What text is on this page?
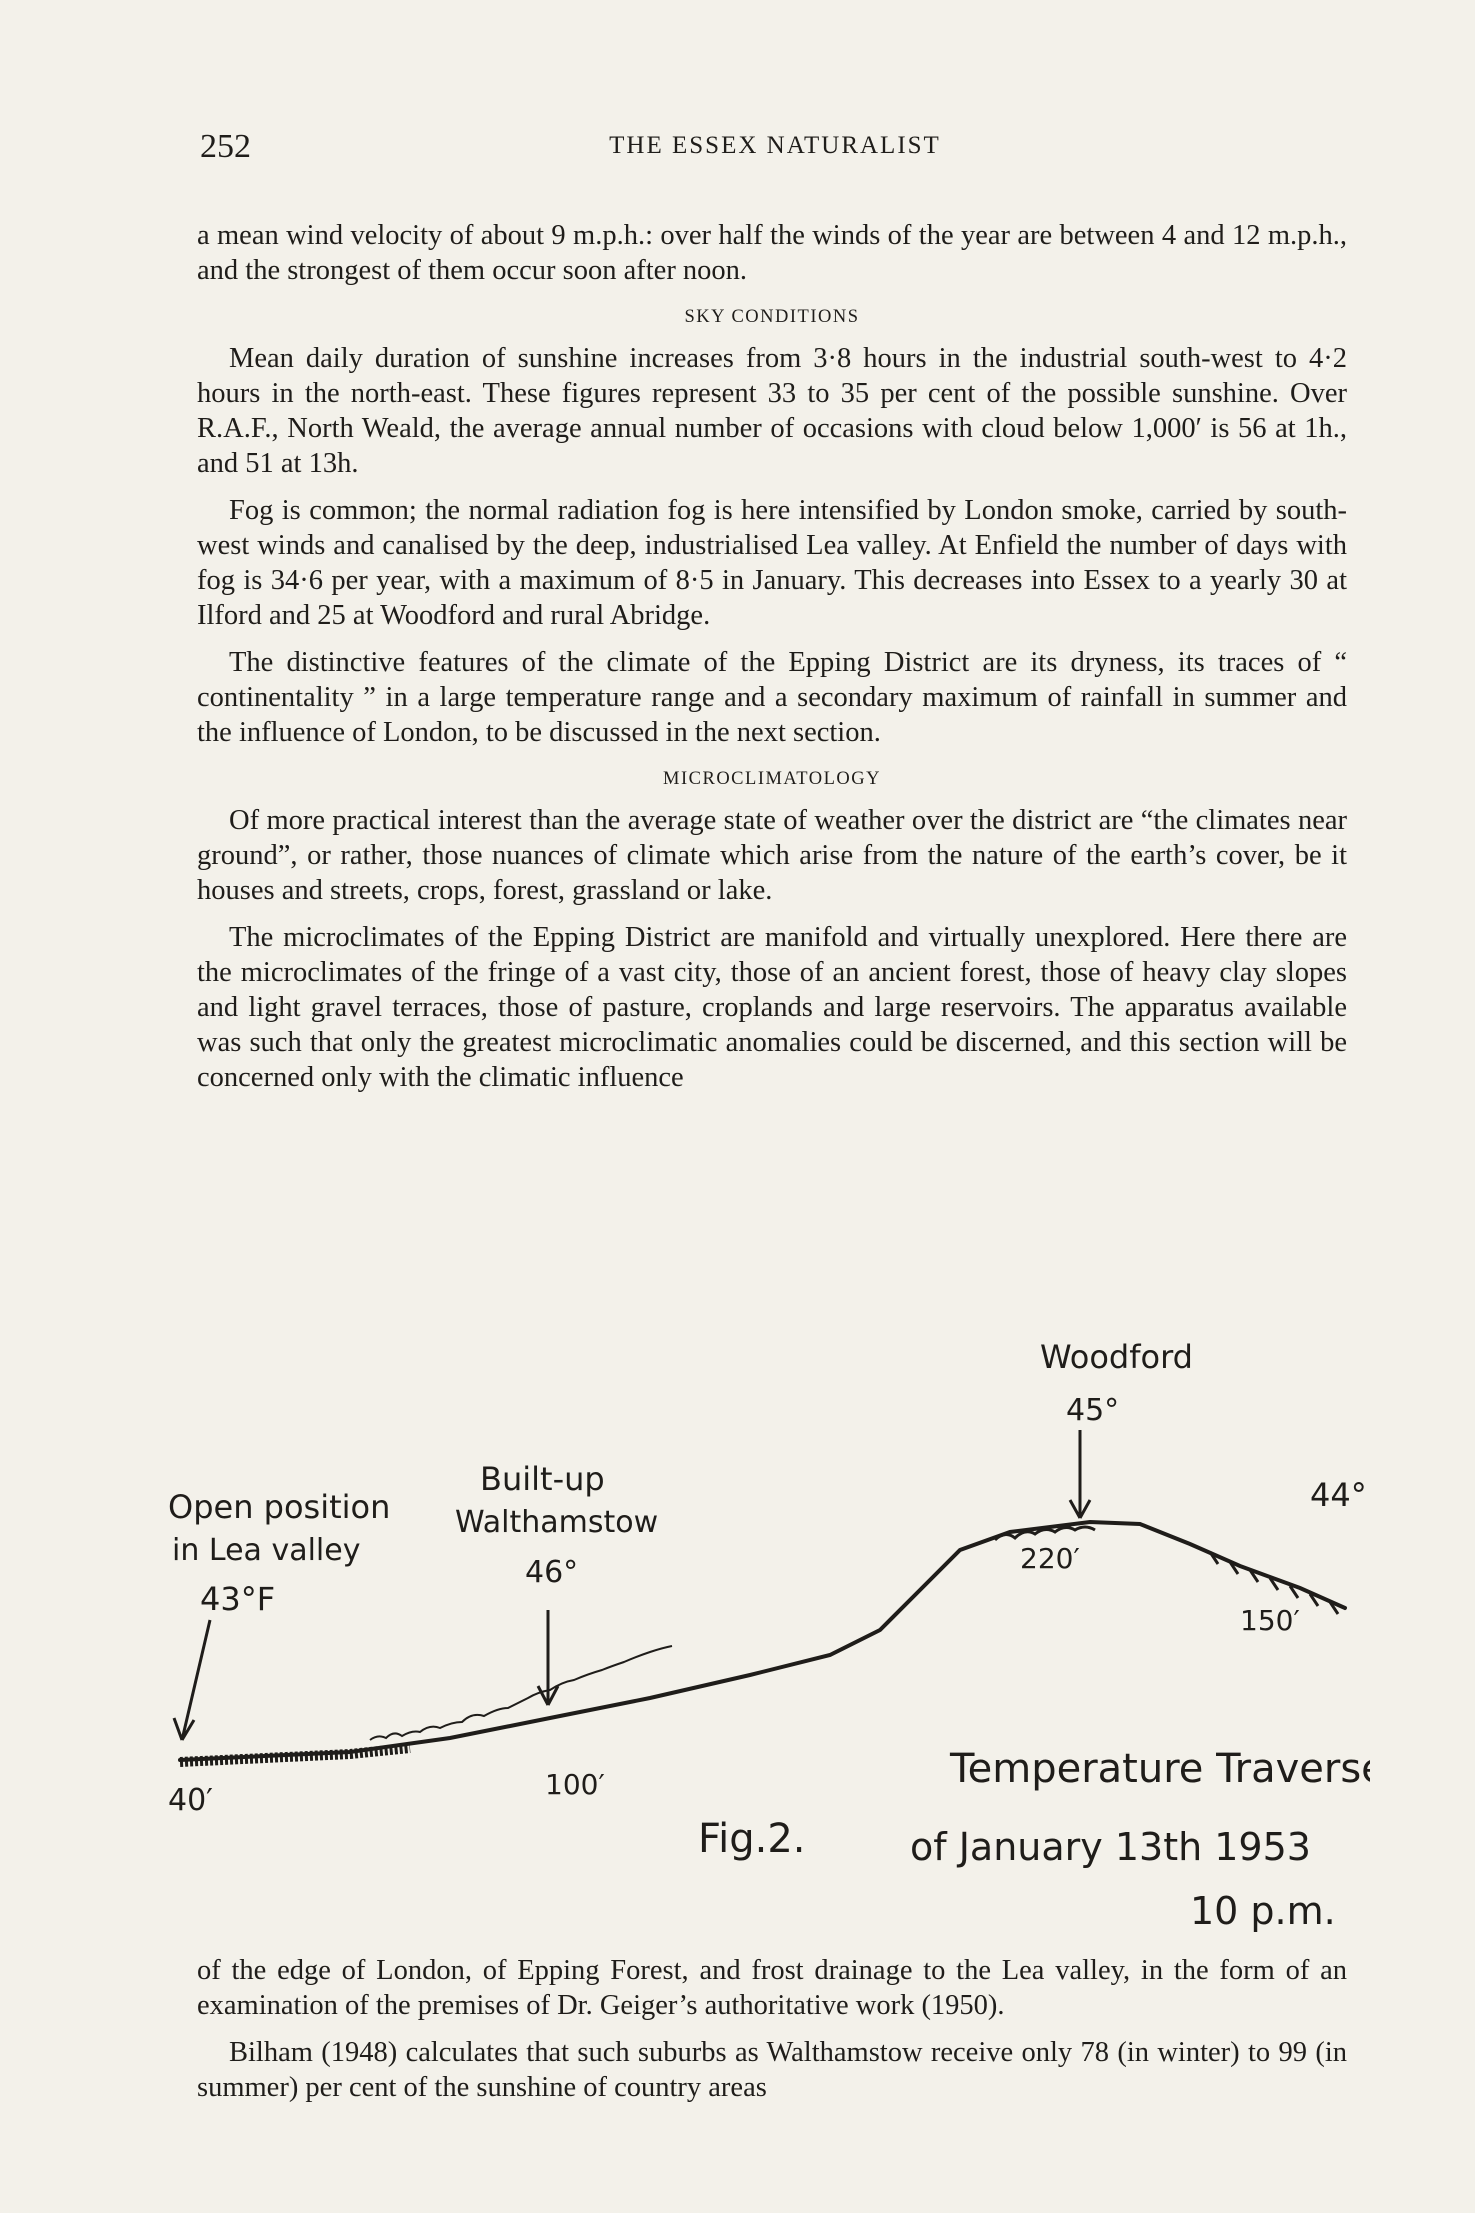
252	THE ESSEX NATURALIST

a mean wind velocity of about 9 m.p.h.: over half the winds of the year are between 4 and 12 m.p.h., and the strongest of them occur soon after noon.

SKY CONDITIONS

Mean daily duration of sunshine increases from 3·8 hours in the industrial south-west to 4·2 hours in the north-east. These figures represent 33 to 35 per cent of the possible sunshine. Over R.A.F., North Weald, the average annual number of occasions with cloud below 1,000′ is 56 at 1h., and 51 at 13h.

Fog is common; the normal radiation fog is here intensified by London smoke, carried by south-west winds and canalised by the deep, industrialised Lea valley. At Enfield the number of days with fog is 34·6 per year, with a maximum of 8·5 in January. This decreases into Essex to a yearly 30 at Ilford and 25 at Woodford and rural Abridge.

The distinctive features of the climate of the Epping District are its dryness, its traces of “ continentality ” in a large temperature range and a secondary maximum of rainfall in summer and the influence of London, to be discussed in the next section.

MICROCLIMATOLOGY

Of more practical interest than the average state of weather over the district are “the climates near ground”, or rather, those nuances of climate which arise from the nature of the earth’s cover, be it houses and streets, crops, forest, grassland or lake.

The microclimates of the Epping District are manifold and virtually unexplored. Here there are the microclimates of the fringe of a vast city, those of an ancient forest, those of heavy clay slopes and light gravel terraces, those of pasture, croplands and large reservoirs. The apparatus available was such that only the greatest microclimatic anomalies could be discerned, and this section will be concerned only with the climatic influence

Open position
in Lea valley
43°F
Built-up
Walthamstow
46°
Woodford
45°
44°
40′	100′
220′
150′
Fig.2.
Temperature Traverse
of January 13th 1953
10 p.m.

of the edge of London, of Epping Forest, and frost drainage to the Lea valley, in the form of an examination of the premises of Dr. Geiger’s authoritative work (1950).

Bilham (1948) calculates that such suburbs as Walthamstow receive only 78 (in winter) to 99 (in summer) per cent of the sunshine of country areas
